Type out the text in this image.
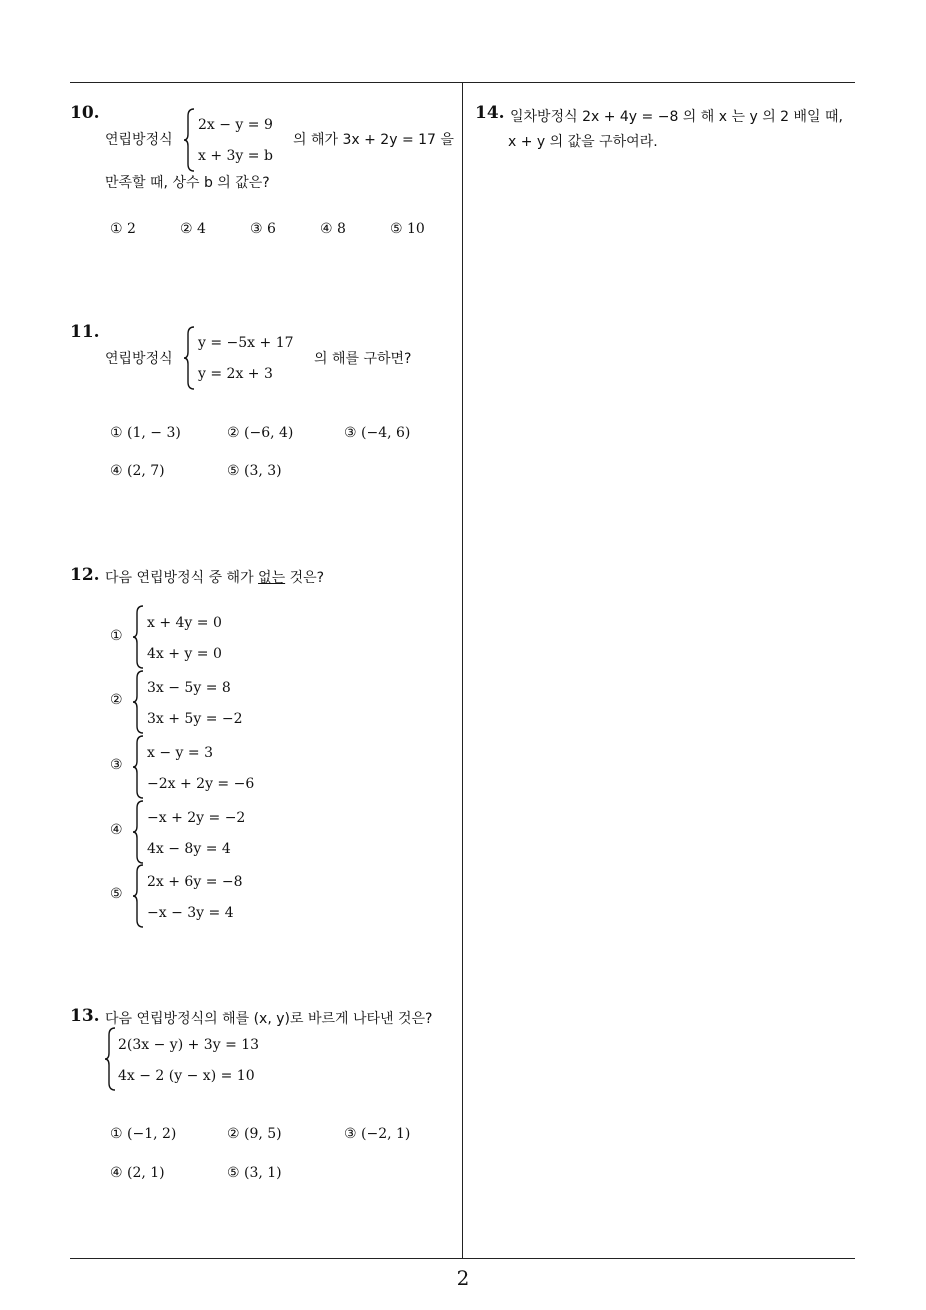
10.
연립방정식
2x − y = 9
x + 3y = b
의 해가 3x + 2y = 17 을
만족할 때, 상수 b 의 값은?
① 2	② 4	③ 6	④ 8	⑤ 10
11.
연립방정식
y = −5x + 17
y = 2x + 3
의 해를 구하면?
① (1, − 3)	② (−6, 4)	③ (−4, 6)
④ (2, 7)	⑤ (3, 3)
12. 다음 연립방정식 중 해가 없는 것은?
①
x + 4y = 0
4x + y = 0
②
3x − 5y = 8
3x + 5y = −2
③
x − y = 3
−2x + 2y = −6
④
−x + 2y = −2
4x − 8y = 4
⑤
2x + 6y = −8
−x − 3y = 4
13. 다음 연립방정식의 해를 (x, y)로 바르게 나타낸 것은?
2(3x − y) + 3y = 13
4x − 2 (y − x) = 10
① (−1, 2)	② (9, 5)	③ (−2, 1)
④ (2, 1)	⑤ (3, 1)
14. 일차방정식 2x + 4y = −8 의 해 x 는 y 의 2 배일 때,
x + y 의 값을 구하여라.
2
